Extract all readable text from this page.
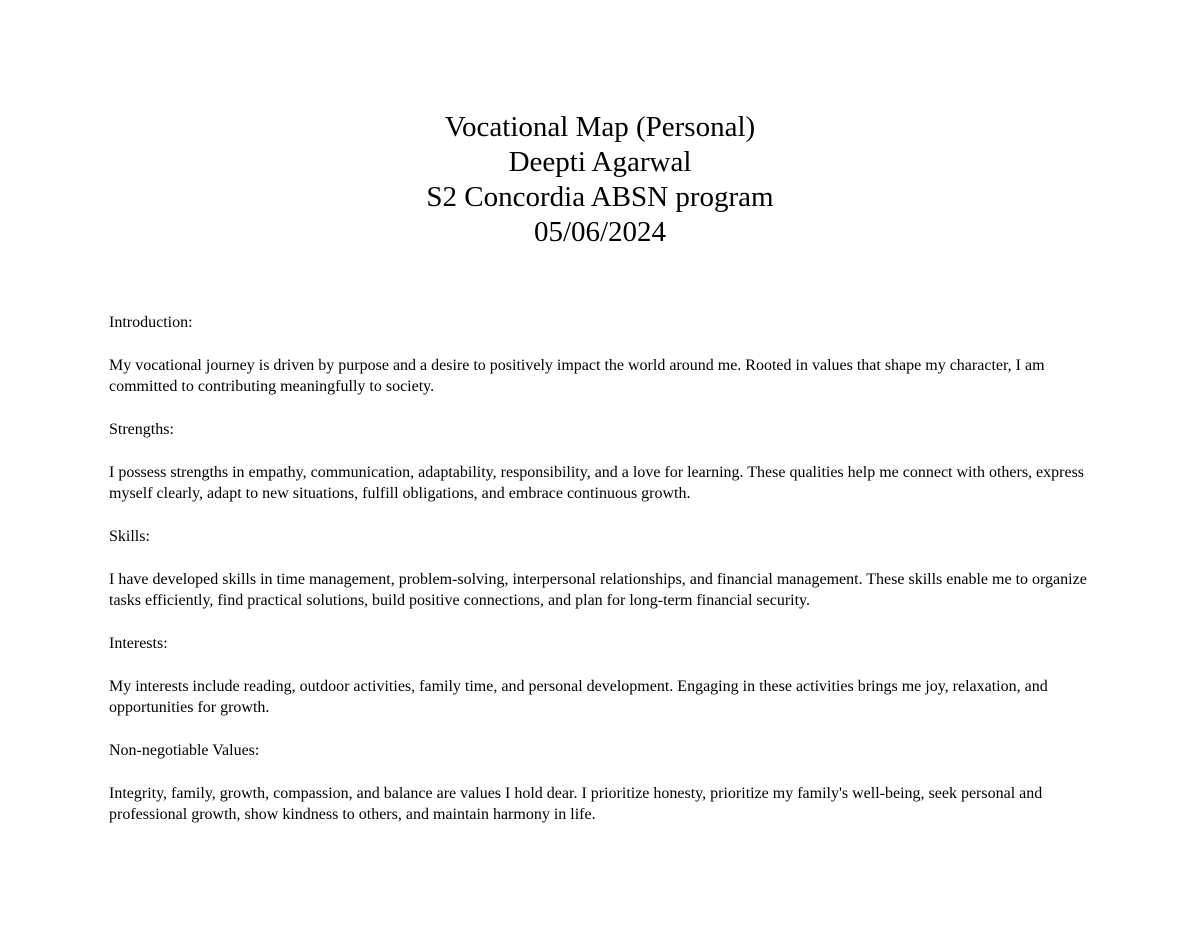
Vocational Map (Personal)

Deepti Agarwal

S2 Concordia ABSN program

05/06/2024

Introduction:

My vocational journey is driven by purpose and a desire to positively impact the world around me. Rooted in values that shape my character, I am committed to contributing meaningfully to society.

Strengths:

I possess strengths in empathy, communication, adaptability, responsibility, and a love for learning. These qualities help me connect with others, express myself clearly, adapt to new situations, fulfill obligations, and embrace continuous growth.

Skills:

I have developed skills in time management, problem-solving, interpersonal relationships, and financial management. These skills enable me to organize tasks efficiently, find practical solutions, build positive connections, and plan for long-term financial security.

Interests:

My interests include reading, outdoor activities, family time, and personal development. Engaging in these activities brings me joy, relaxation, and opportunities for growth.

Non-negotiable Values:

Integrity, family, growth, compassion, and balance are values I hold dear. I prioritize honesty, prioritize my family's well-being, seek personal and professional growth, show kindness to others, and maintain harmony in life.
